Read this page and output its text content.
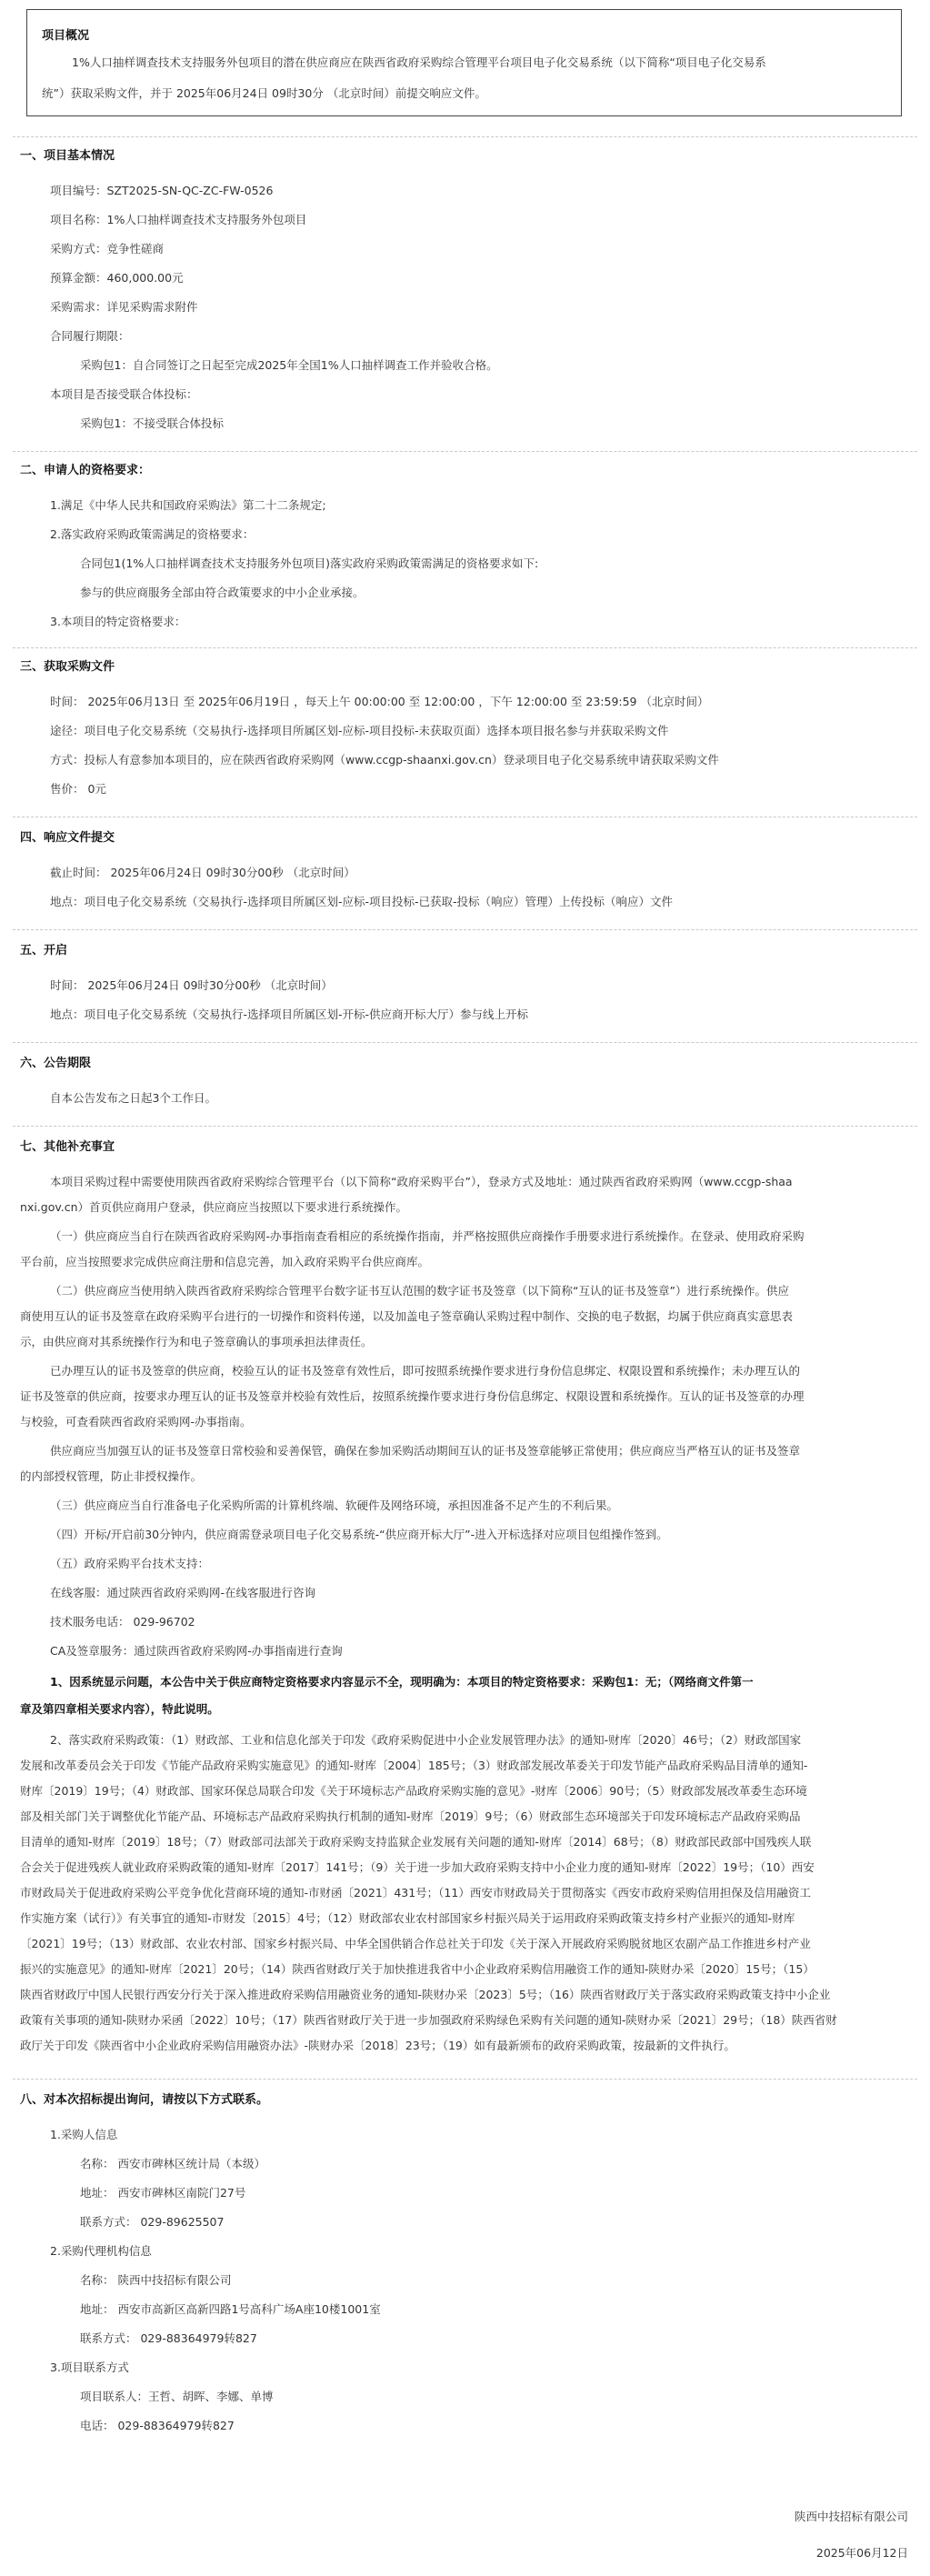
项目概况
1%人口抽样调查技术支持服务外包项目的潜在供应商应在陕西省政府采购综合管理平台项目电子化交易系统（以下简称“项目电子化交易系
统”）获取采购文件，并于 2025年06月24日 09时30分 （北京时间）前提交响应文件。
一、项目基本情况
项目编号：SZT2025-SN-QC-ZC-FW-0526
项目名称：1%人口抽样调查技术支持服务外包项目
采购方式：竞争性磋商
预算金额：460,000.00元
采购需求：详见采购需求附件
合同履行期限：
采购包1：自合同签订之日起至完成2025年全国1%人口抽样调查工作并验收合格。
本项目是否接受联合体投标：
采购包1：不接受联合体投标
二、申请人的资格要求：
1.满足《中华人民共和国政府采购法》第二十二条规定;
2.落实政府采购政策需满足的资格要求：
合同包1(1%人口抽样调查技术支持服务外包项目)落实政府采购政策需满足的资格要求如下:
参与的供应商服务全部由符合政策要求的中小企业承接。
3.本项目的特定资格要求：
三、获取采购文件
时间： 2025年06月13日 至 2025年06月19日 ，每天上午 00:00:00 至 12:00:00 ，下午 12:00:00 至 23:59:59 （北京时间）
途径：项目电子化交易系统（交易执行-选择项目所属区划-应标-项目投标-未获取页面）选择本项目报名参与并获取采购文件
方式：投标人有意参加本项目的，应在陕西省政府采购网（www.ccgp-shaanxi.gov.cn）登录项目电子化交易系统申请获取采购文件
售价： 0元
四、响应文件提交
截止时间： 2025年06月24日 09时30分00秒 （北京时间）
地点：项目电子化交易系统（交易执行-选择项目所属区划-应标-项目投标-已获取-投标（响应）管理）上传投标（响应）文件
五、开启
时间： 2025年06月24日 09时30分00秒 （北京时间）
地点：项目电子化交易系统（交易执行-选择项目所属区划-开标-供应商开标大厅）参与线上开标
六、公告期限
自本公告发布之日起3个工作日。
七、其他补充事宜
本项目采购过程中需要使用陕西省政府采购综合管理平台（以下简称“政府采购平台”），登录方式及地址：通过陕西省政府采购网（www.ccgp-shaa
nxi.gov.cn）首页供应商用户登录，供应商应当按照以下要求进行系统操作。
（一）供应商应当自行在陕西省政府采购网-办事指南查看相应的系统操作指南，并严格按照供应商操作手册要求进行系统操作。在登录、使用政府采购
平台前，应当按照要求完成供应商注册和信息完善，加入政府采购平台供应商库。
（二）供应商应当使用纳入陕西省政府采购综合管理平台数字证书互认范围的数字证书及签章（以下简称“互认的证书及签章”）进行系统操作。供应
商使用互认的证书及签章在政府采购平台进行的一切操作和资料传递，以及加盖电子签章确认采购过程中制作、交换的电子数据，均属于供应商真实意思表
示，由供应商对其系统操作行为和电子签章确认的事项承担法律责任。
已办理互认的证书及签章的供应商，校验互认的证书及签章有效性后，即可按照系统操作要求进行身份信息绑定、权限设置和系统操作；未办理互认的
证书及签章的供应商，按要求办理互认的证书及签章并校验有效性后，按照系统操作要求进行身份信息绑定、权限设置和系统操作。互认的证书及签章的办理
与校验，可查看陕西省政府采购网-办事指南。
供应商应当加强互认的证书及签章日常校验和妥善保管，确保在参加采购活动期间互认的证书及签章能够正常使用；供应商应当严格互认的证书及签章
的内部授权管理，防止非授权操作。
（三）供应商应当自行准备电子化采购所需的计算机终端、软硬件及网络环境，承担因准备不足产生的不利后果。
（四）开标/开启前30分钟内，供应商需登录项目电子化交易系统-“供应商开标大厅”-进入开标选择对应项目包组操作签到。
（五）政府采购平台技术支持：
在线客服：通过陕西省政府采购网-在线客服进行咨询
技术服务电话： 029-96702
CA及签章服务：通过陕西省政府采购网-办事指南进行查询
1、因系统显示问题，本公告中关于供应商特定资格要求内容显示不全，现明确为：本项目的特定资格要求：采购包1：无；（网络商文件第一
章及第四章相关要求内容），特此说明。
2、落实政府采购政策：（1）财政部、工业和信息化部关于印发《政府采购促进中小企业发展管理办法》的通知-财库〔2020〕46号；（2）财政部国家
发展和改革委员会关于印发《节能产品政府采购实施意见》的通知-财库〔2004〕185号；（3）财政部发展改革委关于印发节能产品政府采购品目清单的通知-
财库〔2019〕19号；（4）财政部、国家环保总局联合印发《关于环境标志产品政府采购实施的意见》-财库〔2006〕90号；（5）财政部发展改革委生态环境
部及相关部门关于调整优化节能产品、环境标志产品政府采购执行机制的通知-财库〔2019〕9号；（6）财政部生态环境部关于印发环境标志产品政府采购品
目清单的通知-财库〔2019〕18号；（7）财政部司法部关于政府采购支持监狱企业发展有关问题的通知-财库〔2014〕68号；（8）财政部民政部中国残疾人联
合会关于促进残疾人就业政府采购政策的通知-财库〔2017〕141号；（9）关于进一步加大政府采购支持中小企业力度的通知-财库〔2022〕19号；（10）西安
市财政局关于促进政府采购公平竞争优化营商环境的通知-市财函〔2021〕431号；（11）西安市财政局关于贯彻落实《西安市政府采购信用担保及信用融资工
作实施方案（试行）》有关事宜的通知-市财发〔2015〕4号；（12）财政部农业农村部国家乡村振兴局关于运用政府采购政策支持乡村产业振兴的通知-财库
〔2021〕19号；（13）财政部、农业农村部、国家乡村振兴局、中华全国供销合作总社关于印发《关于深入开展政府采购脱贫地区农副产品工作推进乡村产业
振兴的实施意见》的通知-财库〔2021〕20号；（14）陕西省财政厅关于加快推进我省中小企业政府采购信用融资工作的通知-陕财办采〔2020〕15号；（15）
陕西省财政厅中国人民银行西安分行关于深入推进政府采购信用融资业务的通知-陕财办采〔2023〕5号；（16）陕西省财政厅关于落实政府采购政策支持中小企业
政策有关事项的通知-陕财办采函〔2022〕10号；（17）陕西省财政厅关于进一步加强政府采购绿色采购有关问题的通知-陕财办采〔2021〕29号；（18）陕西省财
政厅关于印发《陕西省中小企业政府采购信用融资办法》-陕财办采〔2018〕23号；（19）如有最新颁布的政府采购政策，按最新的文件执行。
八、对本次招标提出询问，请按以下方式联系。
1.采购人信息
名称： 西安市碑林区统计局（本级）
地址： 西安市碑林区南院门27号
联系方式： 029-89625507
2.采购代理机构信息
名称： 陕西中技招标有限公司
地址： 西安市高新区高新四路1号高科广场A座10楼1001室
联系方式： 029-88364979转827
3.项目联系方式
项目联系人：王哲、胡晖、李娜、单博
电话： 029-88364979转827
陕西中技招标有限公司
2025年06月12日
